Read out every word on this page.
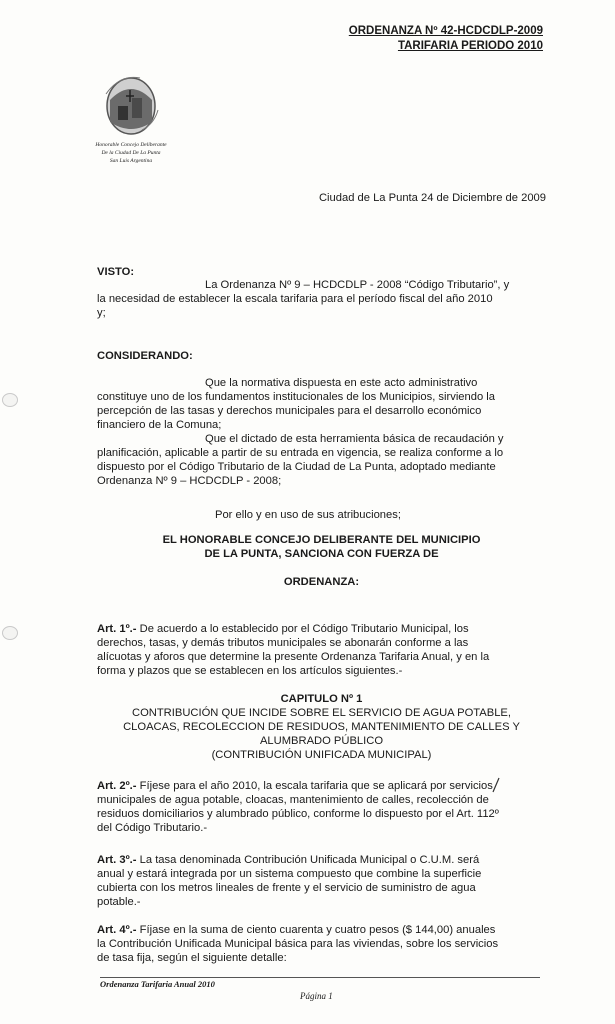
ORDENANZA Nº 42-HCDCDLP-2009
TARIFARIA PERIODO 2010
Honorable Concejo Deliberante
De la Ciudad De La Punta
San Luis Argentina
Ciudad de La Punta 24 de Diciembre de 2009
VISTO:
La Ordenanza Nº 9 – HCDCDLP - 2008 “Código Tributario”, y
la necesidad de establecer la escala tarifaria para el período fiscal del año 2010
y;
CONSIDERANDO:
Que la normativa dispuesta en este acto administrativo
constituye uno de los fundamentos institucionales de los Municipios, sirviendo la
percepción de las tasas y derechos municipales para el desarrollo económico
financiero de la Comuna;
Que el dictado de esta herramienta básica de recaudación y
planificación, aplicable a partir de su entrada en vigencia, se realiza conforme a lo
dispuesto por el Código Tributario de la Ciudad de La Punta, adoptado mediante
Ordenanza Nº 9 – HCDCDLP - 2008;
Por ello y en uso de sus atribuciones;
EL HONORABLE CONCEJO DELIBERANTE DEL MUNICIPIO
DE LA PUNTA, SANCIONA CON FUERZA DE
ORDENANZA:
Art. 1º.- De acuerdo a lo establecido por el Código Tributario Municipal, los
derechos, tasas, y demás tributos municipales se abonarán conforme a las
alícuotas y aforos que determine la presente Ordenanza Tarifaria Anual, y en la
forma y plazos que se establecen en los artículos siguientes.-
CAPITULO Nº 1
CONTRIBUCIÓN QUE INCIDE SOBRE EL SERVICIO DE AGUA POTABLE,
CLOACAS, RECOLECCION DE RESIDUOS, MANTENIMIENTO DE CALLES Y
ALUMBRADO PÚBLICO
(CONTRIBUCIÓN UNIFICADA MUNICIPAL)
Art. 2º.- Fíjese para el año 2010, la escala tarifaria que se aplicará por servicios
municipales de agua potable, cloacas, mantenimiento de calles, recolección de
residuos domiciliarios y alumbrado público, conforme lo dispuesto por el Art. 112º
del Código Tributario.-
Art. 3º.- La tasa denominada Contribución Unificada Municipal o C.U.M. será
anual y estará integrada por un sistema compuesto que combine la superficie
cubierta con los metros lineales de frente y el servicio de suministro de agua
potable.-
Art. 4º.- Fíjase en la suma de ciento cuarenta y cuatro pesos ($ 144,00) anuales
la Contribución Unificada Municipal básica para las viviendas, sobre los servicios
de tasa fija, según el siguiente detalle:
Ordenanza Tarifaria Anual 2010
Página 1
